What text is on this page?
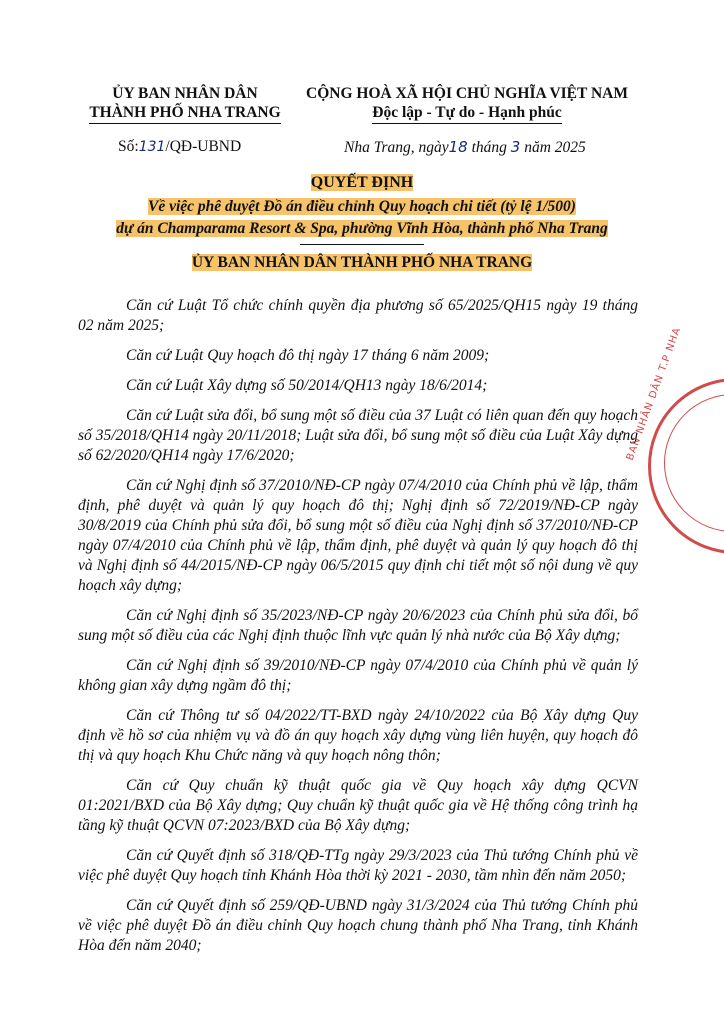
ỦY BAN NHÂN DÂN
THÀNH PHỐ NHA TRANG
CỘNG HOÀ XÃ HỘI CHỦ NGHĨA VIỆT NAM
Độc lập - Tự do - Hạnh phúc
Số:131/QĐ-UBND	Nha Trang, ngày18 tháng 3 năm 2025
QUYẾT ĐỊNH
Về việc phê duyệt Đồ án điều chỉnh Quy hoạch chi tiết (tỷ lệ 1/500)
dự án Champarama Resort & Spa, phường Vĩnh Hòa, thành phố Nha Trang
ỦY BAN NHÂN DÂN THÀNH PHỐ NHA TRANG

Căn cứ Luật Tổ chức chính quyền địa phương số 65/2025/QH15 ngày 19 tháng 02 năm 2025;

Căn cứ Luật Quy hoạch đô thị ngày 17 tháng 6 năm 2009;

Căn cứ Luật Xây dựng số 50/2014/QH13 ngày 18/6/2014;

Căn cứ Luật sửa đổi, bổ sung một số điều của 37 Luật có liên quan đến quy hoạch số 35/2018/QH14 ngày 20/11/2018; Luật sửa đổi, bổ sung một số điều của Luật Xây dựng số 62/2020/QH14 ngày 17/6/2020;

Căn cứ Nghị định số 37/2010/NĐ-CP ngày 07/4/2010 của Chính phủ về lập, thẩm định, phê duyệt và quản lý quy hoạch đô thị; Nghị định số 72/2019/NĐ-CP ngày 30/8/2019 của Chính phủ sửa đổi, bổ sung một số điều của Nghị định số 37/2010/NĐ-CP ngày 07/4/2010 của Chính phủ về lập, thẩm định, phê duyệt và quản lý quy hoạch đô thị và Nghị định số 44/2015/NĐ-CP ngày 06/5/2015 quy định chi tiết một số nội dung về quy hoạch xây dựng;

Căn cứ Nghị định số 35/2023/NĐ-CP ngày 20/6/2023 của Chính phủ sửa đổi, bổ sung một số điều của các Nghị định thuộc lĩnh vực quản lý nhà nước của Bộ Xây dựng;

Căn cứ Nghị định số 39/2010/NĐ-CP ngày 07/4/2010 của Chính phủ về quản lý không gian xây dựng ngầm đô thị;

Căn cứ Thông tư số 04/2022/TT-BXD ngày 24/10/2022 của Bộ Xây dựng Quy định về hồ sơ của nhiệm vụ và đồ án quy hoạch xây dựng vùng liên huyện, quy hoạch đô thị và quy hoạch Khu Chức năng và quy hoạch nông thôn;

Căn cứ Quy chuẩn kỹ thuật quốc gia về Quy hoạch xây dựng QCVN 01:2021/BXD của Bộ Xây dựng; Quy chuẩn kỹ thuật quốc gia về Hệ thống công trình hạ tầng kỹ thuật QCVN 07:2023/BXD của Bộ Xây dựng;

Căn cứ Quyết định số 318/QĐ-TTg ngày 29/3/2023 của Thủ tướng Chính phủ về việc phê duyệt Quy hoạch tỉnh Khánh Hòa thời kỳ 2021 - 2030, tầm nhìn đến năm 2050;

Căn cứ Quyết định số 259/QĐ-UBND ngày 31/3/2024 của Thủ tướng Chính phủ về việc phê duyệt Đồ án điều chỉnh Quy hoạch chung thành phố Nha Trang, tỉnh Khánh Hòa đến năm 2040;

BAN NHÂN DÂN T.P NHA
